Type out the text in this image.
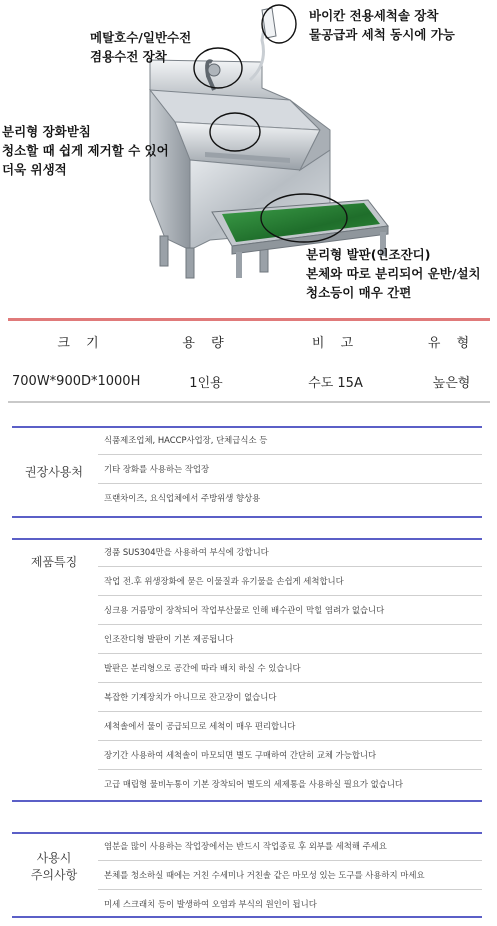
메탈호수/일반수전
겸용수전 장착
바이칸 전용세척솔 장착
물공급과 세척 동시에 가능
분리형 장화받침
청소할 때 쉽게 제거할 수 있어
더욱 위생적
분리형 발판(인조잔디)
본체와 따로 분리되어 운반/설치
청소등이 매우 간편
크 기	용 량	비 고	유 형
700W*900D*1000H	1인용	수도 15A	높은형
권장사용처
식품제조업체, HACCP사업장, 단체급식소 등
기타 장화를 사용하는 작업장
프랜차이즈, 요식업체에서 주방위생 향상용
제품특징
경품 SUS304만을 사용하여 부식에 강합니다
작업 전.후 위생장화에 묻은 이물질과 유기물을 손쉽게 세척합니다
싱크용 거름망이 장착되어 작업부산물로 인해 배수관이 막힐 염려가 없습니다
인조잔디형 발판이 기본 제공됩니다
발판은 분리형으로 공간에 따라 배치 하실 수 있습니다
복잡한 기계장치가 아니므로 잔고장이 없습니다
세척솔에서 물이 공급되므로 세척이 매우 편리합니다
장기간 사용하여 세척솔이 마모되면 별도 구매하여 간단히 교체 가능합니다
고급 매립형 물비누통이 기본 장착되어 별도의 세제통을 사용하실 필요가 없습니다
사용시
주의사항
염분을 많이 사용하는 작업장에서는 반드시 작업종료 후 외부를 세척해 주세요
본체를 청소하실 때에는 거친 수세미나 거친솔 같은 마모성 있는 도구를 사용하지 마세요
미세 스크래치 등이 발생하여 오염과 부식의 원인이 됩니다
